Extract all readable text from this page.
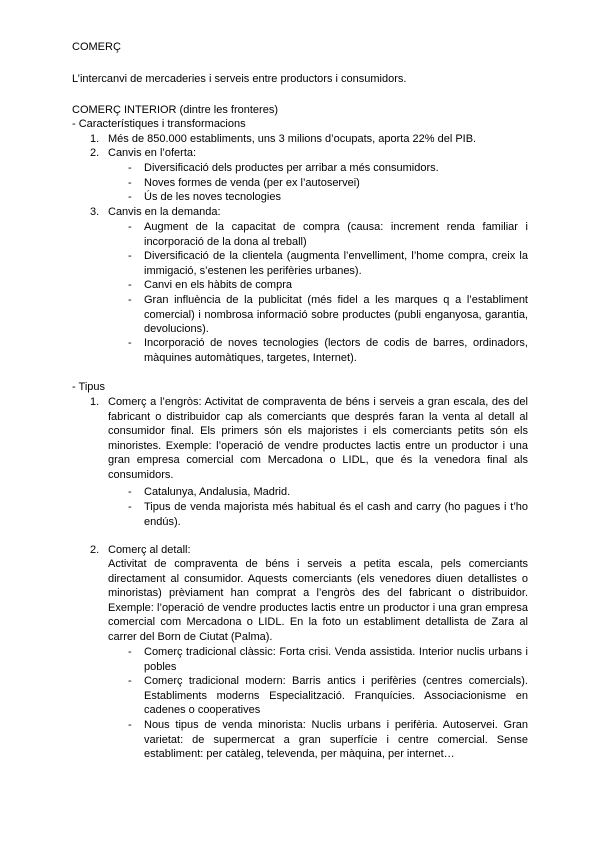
COMERÇ
L’intercanvi de mercaderies i serveis entre productors i consumidors.
COMERÇ INTERIOR (dintre les fronteres)
- Característiques i transformacions
1. Més de 850.000 establiments, uns 3 milions d’ocupats, aporta 22% del PIB.
2. Canvis en l’oferta:
- Diversificació dels productes per arribar a més consumidors.
- Noves formes de venda (per ex l’autoservei)
- Ús de les noves tecnologies
3. Canvis en la demanda:
- Augment de la capacitat de compra (causa: increment renda familiar i incorporació de la dona al treball)
- Diversificació de la clientela (augmenta l’envelliment, l’home compra, creix la immigació, s’estenen les perifèries urbanes).
- Canvi en els hàbits de compra
- Gran influència de la publicitat (més fidel a les marques q a l’establiment comercial) i nombrosa informació sobre productes (publi enganyosa, garantia, devolucions).
- Incorporació de noves tecnologies (lectors de codis de barres, ordinadors, màquines automàtiques, targetes, Internet).
- Tipus
1. Comerç a l’engròs: Activitat de compraventa de béns i serveis a gran escala, des del fabricant o distribuidor cap als comerciants que després faran la venta al detall al consumidor final. Els primers són els majoristes i els comerciants petits són els minoristes. Exemple: l’operació de vendre productes lactis entre un productor i una gran empresa comercial com Mercadona o LIDL, que és la venedora final als consumidors.
- Catalunya, Andalusia, Madrid.
- Tipus de venda majorista més habitual és el cash and carry (ho pagues i t’ho endús).
2. Comerç al detall:
Activitat de compraventa de béns i serveis a petita escala, pels comerciants directament al consumidor. Aquests comerciants (els venedores diuen detallistes o minoristas) prèviament han comprat a l’engròs des del fabricant o distribuidor. Exemple: l’operació de vendre productes lactis entre un productor i una gran empresa comercial com Mercadona o LIDL. En la foto un establiment detallista de Zara al carrer del Born de Ciutat (Palma).
- Comerç tradicional clàssic: Forta crisi. Venda assistida. Interior nuclis urbans i pobles
- Comerç tradicional modern: Barris antics i perifèries (centres comercials). Establiments moderns Especialització. Franquícies. Associacionisme en cadenes o cooperatives
- Nous tipus de venda minorista: Nuclis urbans i perifèria. Autoservei. Gran varietat: de supermercat a gran superfície i centre comercial. Sense establiment: per catàleg, televenda, per màquina, per internet…
